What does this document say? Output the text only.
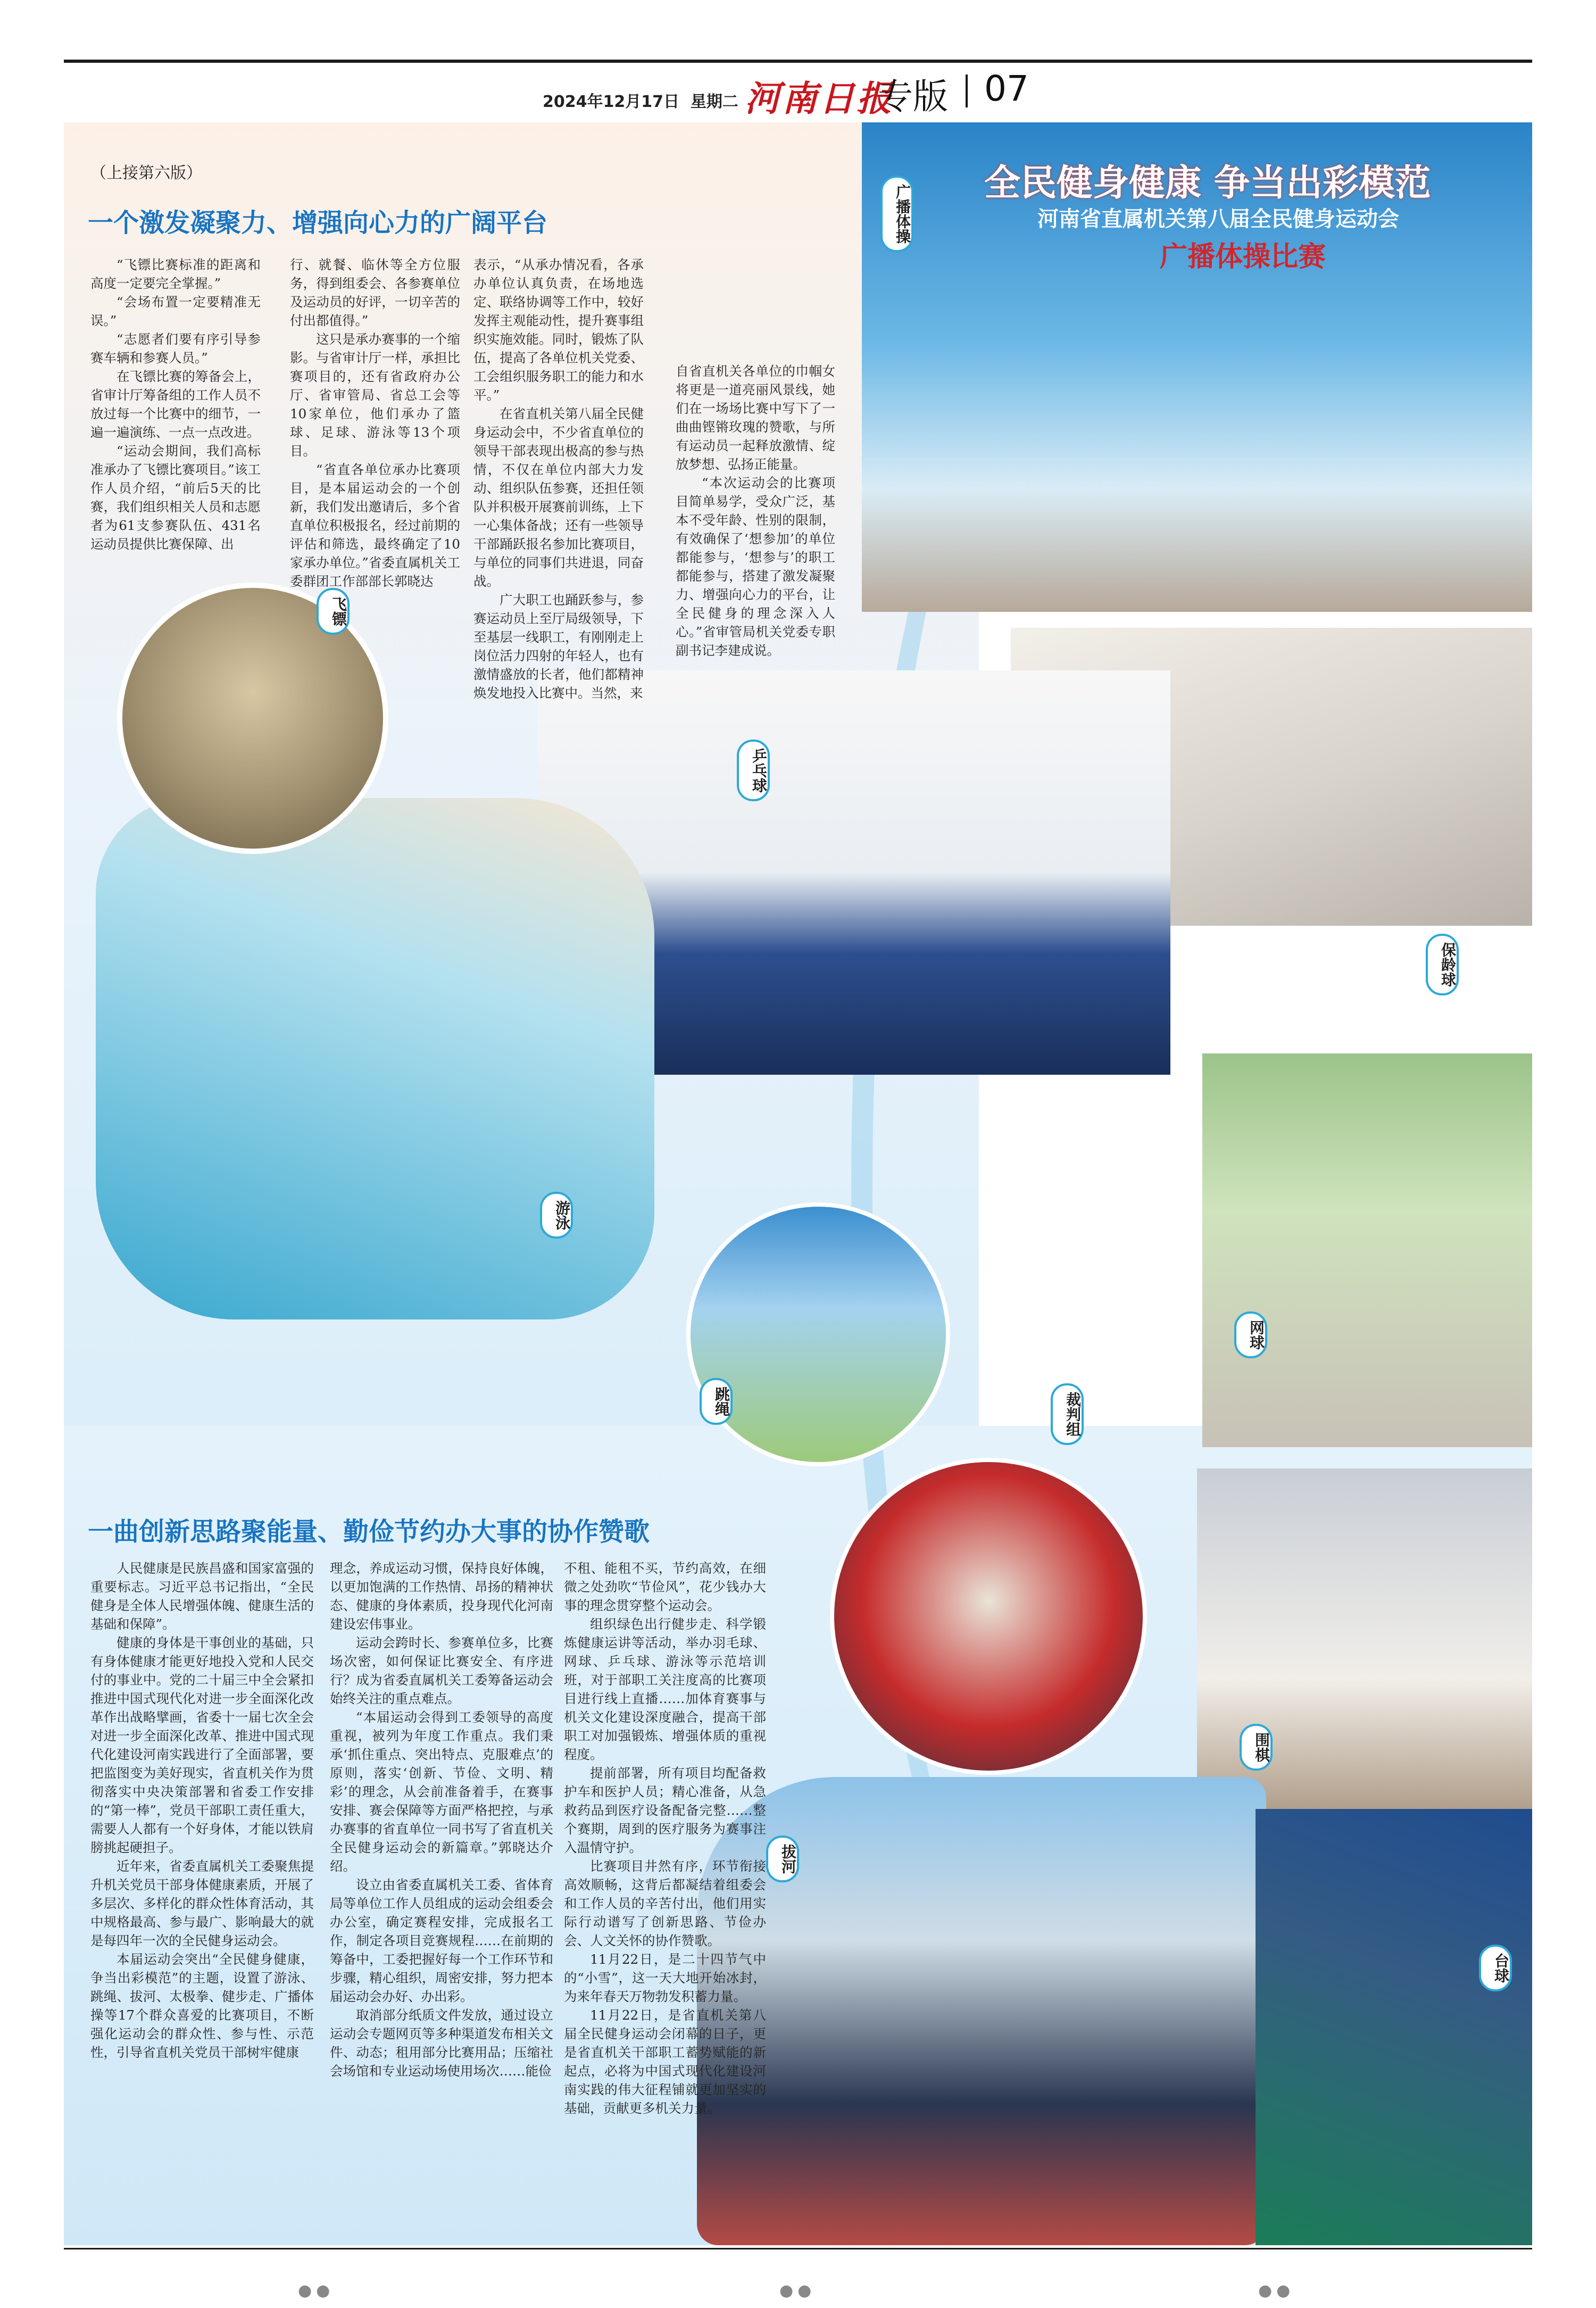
2024年12月17日 星期二 河南日报
专版 07
全民健身健康 争当出彩模范
河南省直属机关第八届全民健身运动会
广播体操比赛
广播体操
飞镖
乒乓球
保龄球
游泳
网球
跳绳	裁判组
围棋
拔河
台球
（上接第六版）
一个激发凝聚力、增强向心力的广阔平台

“飞镖比赛标准的距离和高度一定要完全掌握。”

“会场布置一定要精准无误。”

“志愿者们要有序引导参赛车辆和参赛人员。”

在飞镖比赛的筹备会上，省审计厅筹备组的工作人员不放过每一个比赛中的细节，一遍一遍演练、一点一点改进。

“运动会期间，我们高标准承办了飞镖比赛项目。”该工作人员介绍，“前后5天的比赛，我们组织相关人员和志愿者为61支参赛队伍、431名运动员提供比赛保障、出

行、就餐、临休等全方位服务，得到组委会、各参赛单位及运动员的好评，一切辛苦的付出都值得。”

这只是承办赛事的一个缩影。与省审计厅一样，承担比赛项目的，还有省政府办公厅、省审管局、省总工会等10家单位，他们承办了篮球、足球、游泳等13个项目。

“省直各单位承办比赛项目，是本届运动会的一个创新，我们发出邀请后，多个省直单位积极报名，经过前期的评估和筛选，最终确定了10家承办单位。”省委直属机关工委群团工作部部长郭晓达

表示，“从承办情况看，各承办单位认真负责，在场地选定、联络协调等工作中，较好发挥主观能动性，提升赛事组织实施效能。同时，锻炼了队伍，提高了各单位机关党委、工会组织服务职工的能力和水平。”

在省直机关第八届全民健身运动会中，不少省直单位的领导干部表现出极高的参与热情，不仅在单位内部大力发动、组织队伍参赛，还担任领队并积极开展赛前训练，上下一心集体备战；还有一些领导干部踊跃报名参加比赛项目，与单位的同事们共进退，同奋战。

广大职工也踊跃参与，参赛运动员上至厅局级领导，下至基层一线职工，有刚刚走上岗位活力四射的年轻人，也有激情盛放的长者，他们都精神焕发地投入比赛中。当然，来

自省直机关各单位的巾帼女将更是一道亮丽风景线，她们在一场场比赛中写下了一曲曲铿锵玫瑰的赞歌，与所有运动员一起释放激情、绽放梦想、弘扬正能量。

“本次运动会的比赛项目简单易学，受众广泛，基本不受年龄、性别的限制，有效确保了‘想参加’的单位都能参与，‘想参与’的职工都能参与，搭建了激发凝聚力、增强向心力的平台，让全民健身的理念深入人心。”省审管局机关党委专职副书记李建成说。

一曲创新思路聚能量、勤俭节约办大事的协作赞歌

人民健康是民族昌盛和国家富强的重要标志。习近平总书记指出，“全民健身是全体人民增强体魄、健康生活的基础和保障”。

健康的身体是干事创业的基础，只有身体健康才能更好地投入党和人民交付的事业中。党的二十届三中全会紧扣推进中国式现代化对进一步全面深化改革作出战略擘画，省委十一届七次全会对进一步全面深化改革、推进中国式现代化建设河南实践进行了全面部署，要把监图变为美好现实，省直机关作为贯彻落实中央决策部署和省委工作安排的“第一棒”，党员干部职工责任重大，需要人人都有一个好身体，才能以铁肩膀挑起硬担子。

近年来，省委直属机关工委聚焦提升机关党员干部身体健康素质，开展了多层次、多样化的群众性体育活动，其中规格最高、参与最广、影响最大的就是每四年一次的全民健身运动会。

本届运动会突出“全民健身健康，争当出彩模范”的主题，设置了游泳、跳绳、拔河、太极拳、健步走、广播体操等17个群众喜爱的比赛项目，不断强化运动会的群众性、参与性、示范性，引导省直机关党员干部树牢健康

理念，养成运动习惯，保持良好体魄，以更加饱满的工作热情、昂扬的精神状态、健康的身体素质，投身现代化河南建设宏伟事业。

运动会跨时长、参赛单位多，比赛场次密，如何保证比赛安全、有序进行？成为省委直属机关工委筹备运动会始终关注的重点难点。

“本届运动会得到工委领导的高度重视，被列为年度工作重点。我们秉承‘抓住重点、突出特点、克服难点’的原则，落实‘创新、节俭、文明、精彩’的理念，从会前准备着手，在赛事安排、赛会保障等方面严格把控，与承办赛事的省直单位一同书写了省直机关全民健身运动会的新篇章。”郭晓达介绍。

设立由省委直属机关工委、省体育局等单位工作人员组成的运动会组委会办公室，确定赛程安排，完成报名工作，制定各项目竞赛规程……在前期的筹备中，工委把握好每一个工作环节和步骤，精心组织，周密安排，努力把本届运动会办好、办出彩。

取消部分纸质文件发放，通过设立运动会专题网页等多种渠道发布相关文件、动态；租用部分比赛用品；压缩社会场馆和专业运动场使用场次……能俭

不租、能租不买，节约高效，在细微之处劲吹“节俭风”，花少钱办大事的理念贯穿整个运动会。

组织绿色出行健步走、科学锻炼健康运讲等活动，举办羽毛球、网球、乒乓球、游泳等示范培训班，对于部职工关注度高的比赛项目进行线上直播……加体育赛事与机关文化建设深度融合，提高干部职工对加强锻炼、增强体质的重视程度。

提前部署，所有项目均配备救护车和医护人员；精心准备，从急救药品到医疗设备配备完整……整个赛期，周到的医疗服务为赛事注入温情守护。

比赛项目井然有序，环节衔接高效顺畅，这背后都凝结着组委会和工作人员的辛苦付出，他们用实际行动谱写了创新思路、节俭办会、人文关怀的协作赞歌。

11月22日，是二十四节气中的“小雪”，这一天大地开始冰封，为来年春天万物勃发积蓄力量。

11月22日，是省直机关第八届全民健身运动会闭幕的日子，更是省直机关干部职工蓄势赋能的新起点，必将为中国式现代化建设河南实践的伟大征程铺就更加坚实的基础，贡献更多机关力量。

●●	●●	●●
